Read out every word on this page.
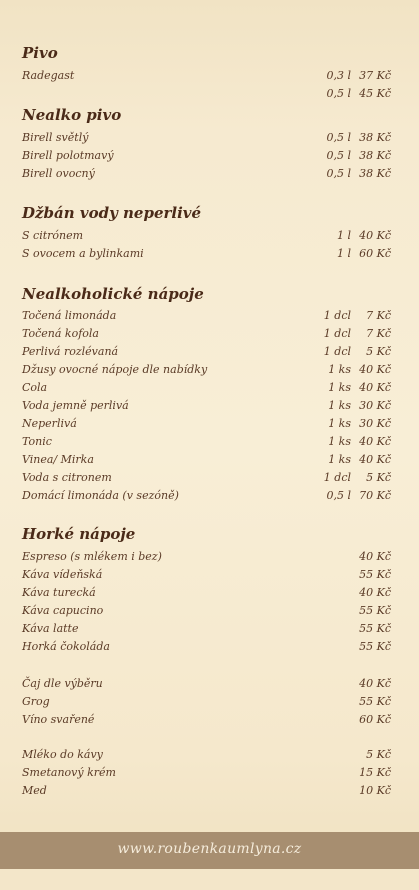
Pivo
Radegast	0,3 l 37 Kč
0,5 l 45 Kč
Nealko pivo
Birell světlý	0,5 l 38 Kč
Birell polotmavý	0,5 l 38 Kč
Birell ovocný	0,5 l 38 Kč
Džbán vody neperlivé
S citrónem	1 l 40 Kč
S ovocem a bylinkami	1 l 60 Kč
Nealkoholické nápoje
Točená limonáda	1 dcl 7 Kč
Točená kofola	1 dcl 7 Kč
Perlivá rozlévaná	1 dcl 5 Kč
Džusy ovocné nápoje dle nabídky	1 ks 40 Kč
Cola	1 ks 40 Kč
Voda jemně perlivá	1 ks 30 Kč
Neperlivá	1 ks 30 Kč
Tonic	1 ks 40 Kč
Vinea/ Mirka	1 ks 40 Kč
Voda s citronem	1 dcl 5 Kč
Domácí limonáda (v sezóně)	0,5 l 70 Kč
Horké nápoje
Espreso (s mlékem i bez)	40 Kč
Káva vídeňská	55 Kč
Káva turecká	40 Kč
Káva capucino	55 Kč
Káva latte	55 Kč
Horká čokoláda	55 Kč
Čaj dle výběru	40 Kč
Grog	55 Kč
Víno svařené	60 Kč
Mléko do kávy	5 Kč
Smetanový krém	15 Kč
Med	10 Kč
www.roubenkaumlyna.cz
